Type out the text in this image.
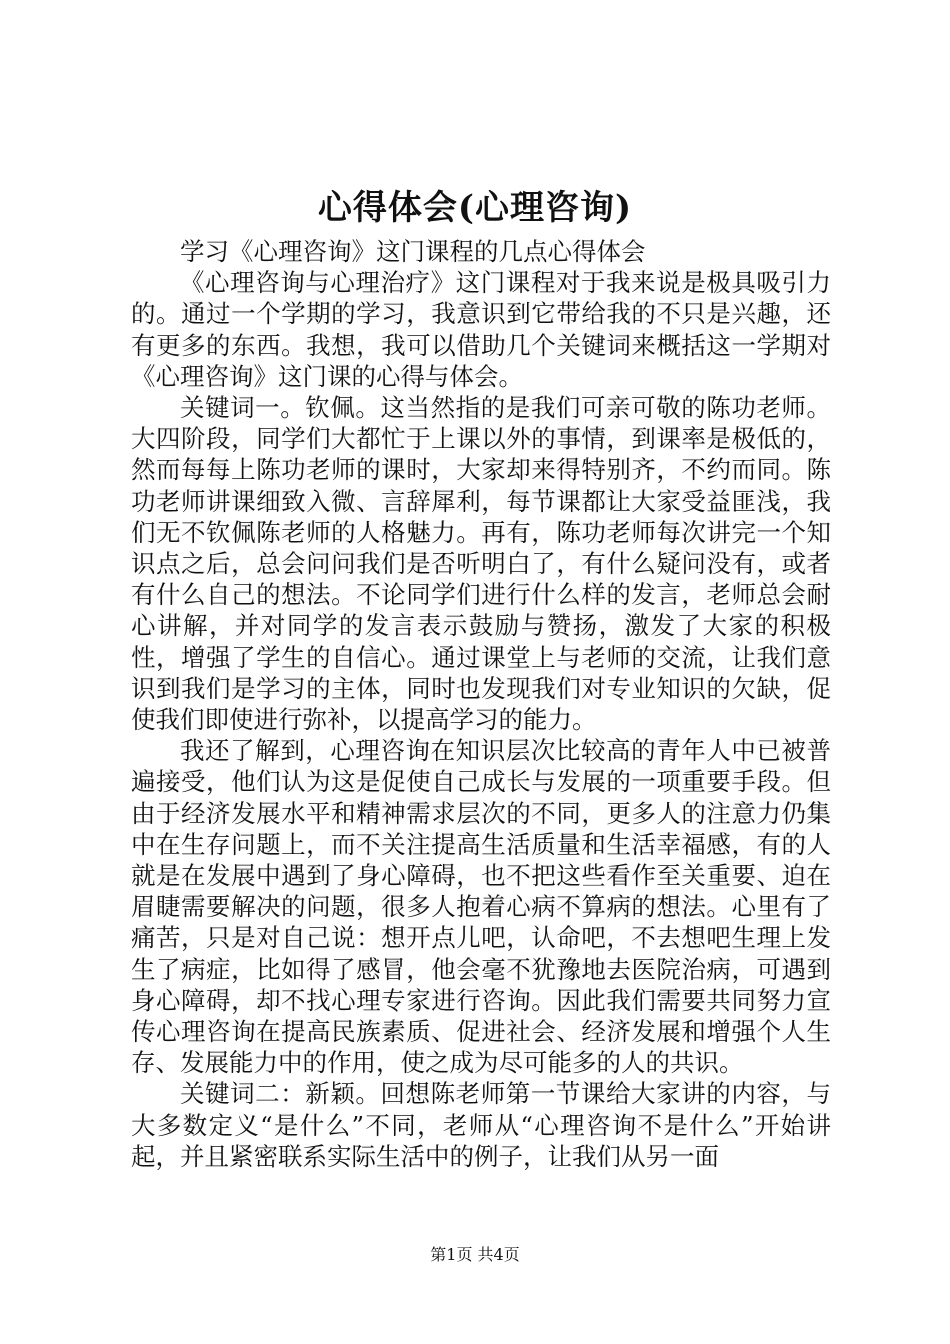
心得体会(心理咨询)

学习《心理咨询》这门课程的几点心得体会

《心理咨询与心理治疗》这门课程对于我来说是极具吸引力的。通过一个学期的学习，我意识到它带给我的不只是兴趣，还有更多的东西。我想，我可以借助几个关键词来概括这一学期对《心理咨询》这门课的心得与体会。

关键词一。钦佩。这当然指的是我们可亲可敬的陈功老师。大四阶段，同学们大都忙于上课以外的事情，到课率是极低的，然而每每上陈功老师的课时，大家却来得特别齐，不约而同。陈功老师讲课细致入微、言辞犀利，每节课都让大家受益匪浅，我们无不钦佩陈老师的人格魅力。再有，陈功老师每次讲完一个知识点之后，总会问问我们是否听明白了，有什么疑问没有，或者有什么自己的想法。不论同学们进行什么样的发言，老师总会耐心讲解，并对同学的发言表示鼓励与赞扬，激发了大家的积极性，增强了学生的自信心。通过课堂上与老师的交流，让我们意识到我们是学习的主体，同时也发现我们对专业知识的欠缺，促使我们即使进行弥补，以提高学习的能力。

我还了解到，心理咨询在知识层次比较高的青年人中已被普遍接受，他们认为这是促使自己成长与发展的一项重要手段。但由于经济发展水平和精神需求层次的不同，更多人的注意力仍集中在生存问题上，而不关注提高生活质量和生活幸福感，有的人就是在发展中遇到了身心障碍，也不把这些看作至关重要、迫在眉睫需要解决的问题，很多人抱着心病不算病的想法。心里有了痛苦，只是对自己说：想开点儿吧，认命吧，不去想吧生理上发生了病症，比如得了感冒，他会毫不犹豫地去医院治病，可遇到身心障碍，却不找心理专家进行咨询。因此我们需要共同努力宣传心理咨询在提高民族素质、促进社会、经济发展和增强个人生存、发展能力中的作用，使之成为尽可能多的人的共识。

关键词二：新颖。回想陈老师第一节课给大家讲的内容，与大多数定义“是什么”不同，老师从“心理咨询不是什么”开始讲起，并且紧密联系实际生活中的例子，让我们从另一面

第1页 共4页
